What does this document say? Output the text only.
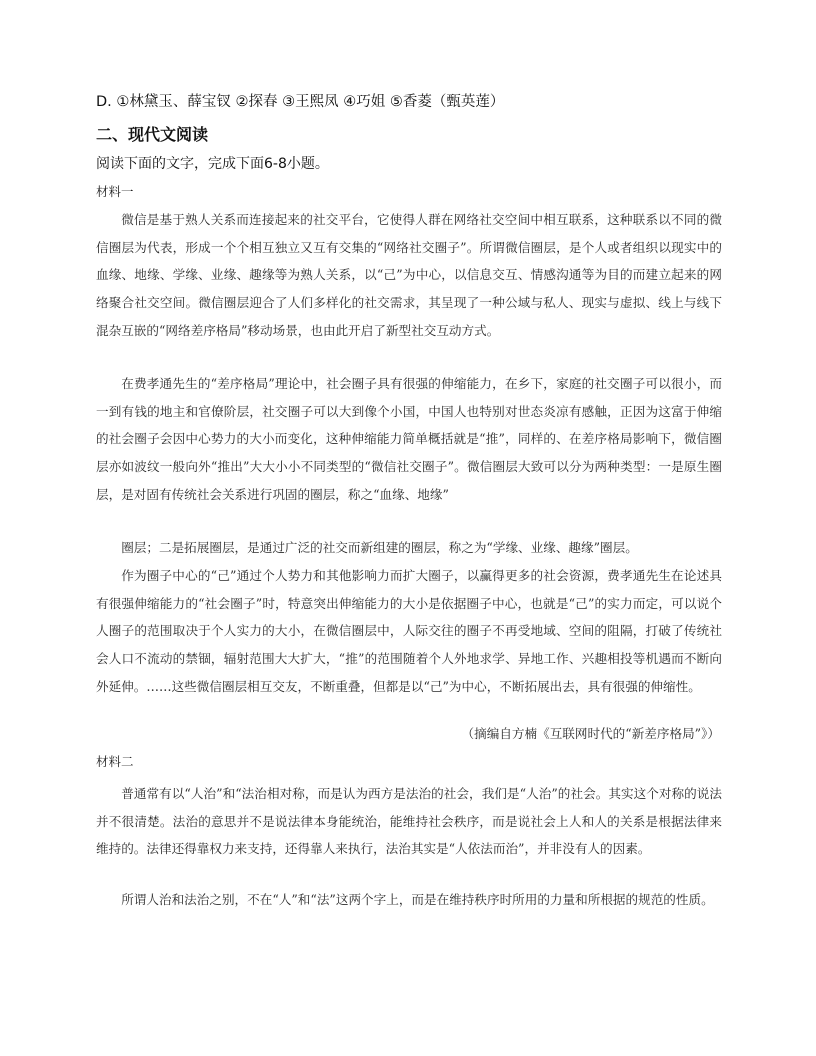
D. ①林黛玉、薛宝钗 ②探春 ③王熙凤 ④巧姐 ⑤香菱（甄英莲）
二、现代文阅读
阅读下面的文字，完成下面6-8小题。
材料一

微信是基于熟人关系而连接起来的社交平台，它使得人群在网络社交空间中相互联系，这种联系以不同的微信圈层为代表，形成一个个相互独立又互有交集的“网络社交圈子”。所谓微信圈层，是个人或者组织以现实中的血缘、地缘、学缘、业缘、趣缘等为熟人关系，以“己”为中心，以信息交互、情感沟通等为目的而建立起来的网络聚合社交空间。微信圈层迎合了人们多样化的社交需求，其呈现了一种公域与私人、现实与虚拟、线上与线下混杂互嵌的“网络差序格局”移动场景，也由此开启了新型社交互动方式。

在费孝通先生的“差序格局”理论中，社会圈子具有很强的伸缩能力，在乡下，家庭的社交圈子可以很小，而一到有钱的地主和官僚阶层，社交圈子可以大到像个小国，中国人也特别对世态炎凉有感触，正因为这富于伸缩的社会圈子会因中心势力的大小而变化，这种伸缩能力简单概括就是“推”，同样的、在差序格局影响下，微信圈层亦如波纹一般向外“推出”大大小小不同类型的“微信社交圈子”。微信圈层大致可以分为两种类型：一是原生圈层，是对固有传统社会关系进行巩固的圈层，称之“血缘、地缘”

圈层；二是拓展圈层，是通过广泛的社交而新组建的圈层，称之为“学缘、业缘、趣缘”圈层。

作为圈子中心的“己”通过个人势力和其他影响力而扩大圈子，以赢得更多的社会资源，费孝通先生在论述具有很强伸缩能力的“社会圈子”时，特意突出伸缩能力的大小是依据圈子中心，也就是“己”的实力而定，可以说个人圈子的范围取决于个人实力的大小，在微信圈层中，人际交往的圈子不再受地域、空间的阻隔，打破了传统社会人口不流动的禁锢，辐射范围大大扩大，“推”的范围随着个人外地求学、异地工作、兴趣相投等机遇而不断向外延伸。……这些微信圈层相互交友，不断重叠，但都是以“己”为中心，不断拓展出去，具有很强的伸缩性。

（摘编自方楠《互联网时代的“新差序格局”》）
材料二

普通常有以“人治”和“法治相对称，而是认为西方是法治的社会，我们是“人治”的社会。其实这个对称的说法并不很清楚。法治的意思并不是说法律本身能统治，能维持社会秩序，而是说社会上人和人的关系是根据法律来维持的。法律还得靠权力来支持，还得靠人来执行，法治其实是“人依法而治”，并非没有人的因素。

所谓人治和法治之别，不在“人”和“法”这两个字上，而是在维持秩序时所用的力量和所根据的规范的性质。
